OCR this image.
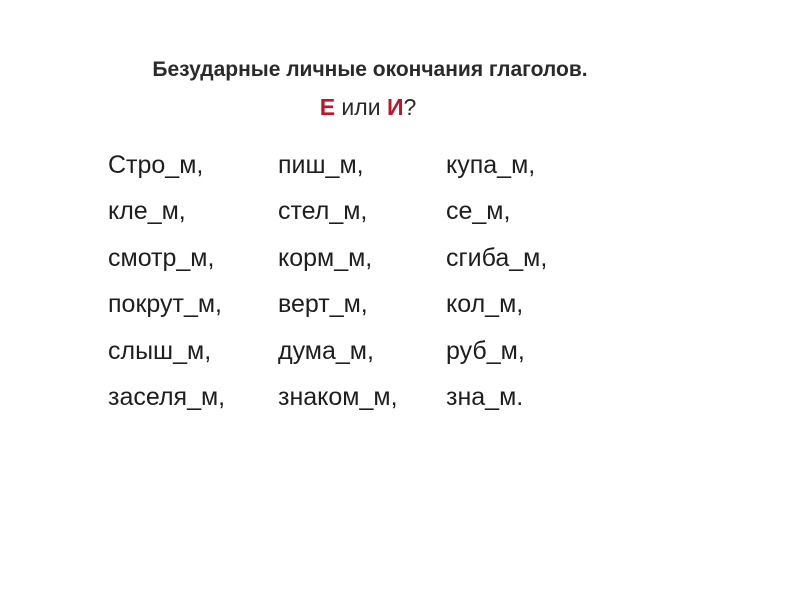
Безударные личные окончания глаголов.
Е или И?
Стро_м,	пиш_м,	купа_м,
кле_м,	стел_м,	се_м,
смотр_м,	корм_м,	сгиба_м,
покрут_м,	верт_м,	кол_м,
слыш_м,	дума_м,	руб_м,
заселя_м,	знаком_м,	зна_м.
